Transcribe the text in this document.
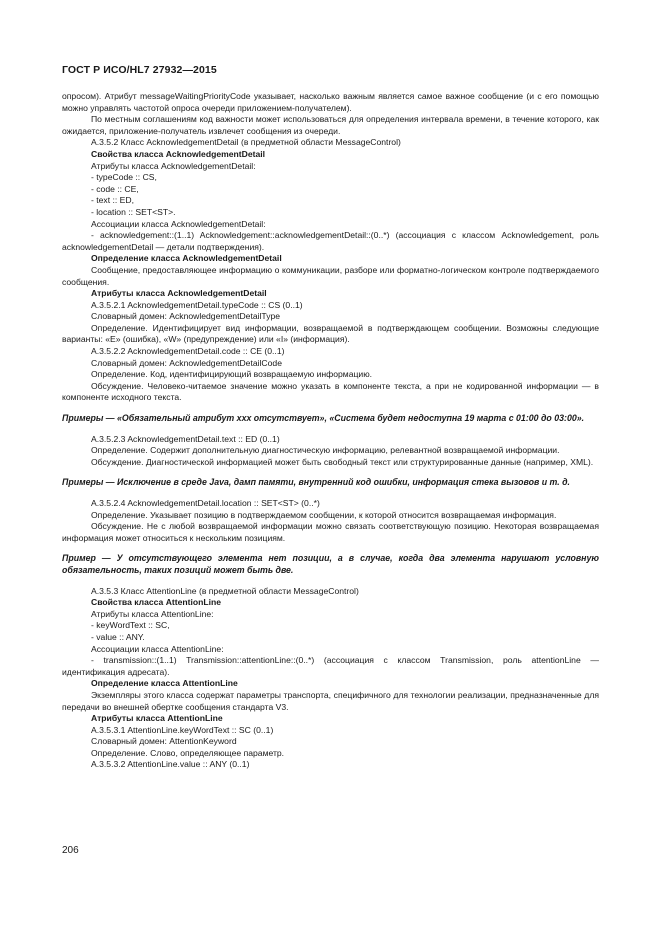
ГОСТ Р ИСО/HL7 27932—2015

опросом). Атрибут messageWaitingPriorityCode указывает, насколько важным является самое важное сообщение (и с его помощью можно управлять частотой опроса очереди приложением-получателем).

По местным соглашениям код важности может использоваться для определения интервала времени, в течение которого, как ожидается, приложение-получатель извлечет сообщения из очереди.

A.3.5.2 Класс AcknowledgementDetail (в предметной области MessageControl)

Свойства класса AcknowledgementDetail

Атрибуты класса AcknowledgementDetail:

- typeCode :: CS,

- code :: CE,

- text :: ED,

- location :: SET<ST>.

Ассоциации класса AcknowledgementDetail:

- acknowledgement::(1..1) Acknowledgement::acknowledgementDetail::(0..*) (ассоциация с классом Acknowledgement, роль acknowledgementDetail — детали подтверждения).

Определение класса AcknowledgementDetail

Сообщение, предоставляющее информацию о коммуникации, разборе или форматно-логическом контроле подтверждаемого сообщения.

Атрибуты класса AcknowledgementDetail

A.3.5.2.1 AcknowledgementDetail.typeCode :: CS (0..1)

Словарный домен: AcknowledgementDetailType

Определение. Идентифицирует вид информации, возвращаемой в подтверждающем сообщении. Возможны следующие варианты: «E» (ошибка), «W» (предупреждение) или «I» (информация).

A.3.5.2.2 AcknowledgementDetail.code :: CE (0..1)

Словарный домен: AcknowledgementDetailCode

Определение. Код, идентифицирующий возвращаемую информацию.

Обсуждение. Человеко-читаемое значение можно указать в компоненте текста, а при не кодированной информации — в компоненте исходного текста.

Примеры — «Обязательный атрибут xxx отсутствует», «Система будет недоступна 19 марта с 01:00 до 03:00».

A.3.5.2.3 AcknowledgementDetail.text :: ED (0..1)

Определение. Содержит дополнительную диагностическую информацию, релевантной возвращаемой информации.

Обсуждение. Диагностической информацией может быть свободный текст или структурированные данные (например, XML).

Примеры — Исключение в среде Java, дамп памяти, внутренний код ошибки, информация стека вызовов и т. д.

A.3.5.2.4 AcknowledgementDetail.location :: SET<ST> (0..*)

Определение. Указывает позицию в подтверждаемом сообщении, к которой относится возвращаемая информация.

Обсуждение. Не с любой возвращаемой информации можно связать соответствующую позицию. Некоторая возвращаемая информация может относиться к нескольким позициям.

Пример — У отсутствующего элемента нет позиции, а в случае, когда два элемента нарушают условную обязательность, таких позиций может быть две.

A.3.5.3 Класс AttentionLine (в предметной области MessageControl)

Свойства класса AttentionLine

Атрибуты класса AttentionLine:

- keyWordText :: SC,

- value :: ANY.

Ассоциации класса AttentionLine:

- transmission::(1..1) Transmission::attentionLine::(0..*) (ассоциация с классом Transmission, роль attentionLine — идентификация адресата).

Определение класса AttentionLine

Экземпляры этого класса содержат параметры транспорта, специфичного для технологии реализации, предназначенные для передачи во внешней обертке сообщения стандарта V3.

Атрибуты класса AttentionLine

A.3.5.3.1 AttentionLine.keyWordText :: SC (0..1)

Словарный домен: AttentionKeyword

Определение. Слово, определяющее параметр.

A.3.5.3.2 AttentionLine.value :: ANY (0..1)

206
